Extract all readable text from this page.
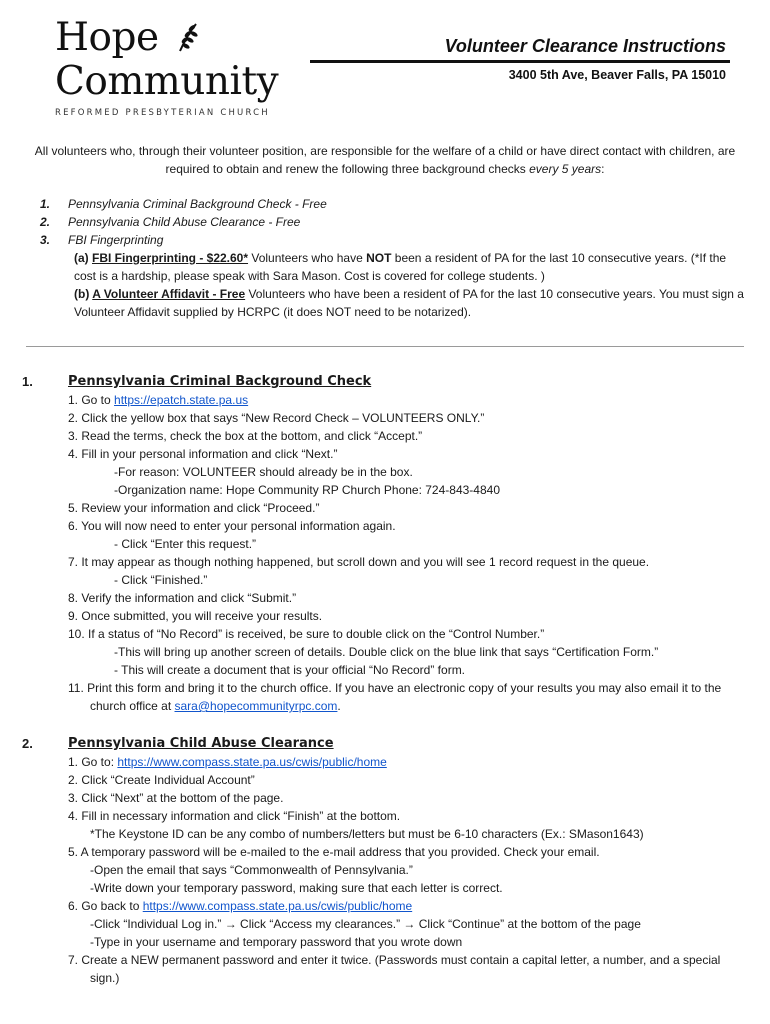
Hope
Community
REFORMED PRESBYTERIAN CHURCH
Volunteer Clearance Instructions
3400 5th Ave, Beaver Falls, PA 15010
All volunteers who, through their volunteer position, are responsible for the welfare of a child or have direct contact with children, are required to obtain and renew the following three background checks every 5 years:
1. Pennsylvania Criminal Background Check - Free
2. Pennsylvania Child Abuse Clearance - Free
3. FBI Fingerprinting
(a) FBI Fingerprinting - $22.60* Volunteers who have NOT been a resident of PA for the last 10 consecutive years. (*If the cost is a hardship, please speak with Sara Mason. Cost is covered for college students. )
(b) A Volunteer Affidavit - Free Volunteers who have been a resident of PA for the last 10 consecutive years. You must sign a Volunteer Affidavit supplied by HCRPC (it does NOT need to be notarized).
1.	Pennsylvania Criminal Background Check
1. Go to https://epatch.state.pa.us
2. Click the yellow box that says “New Record Check – VOLUNTEERS ONLY.”
3. Read the terms, check the box at the bottom, and click “Accept.”
4. Fill in your personal information and click “Next.”
-For reason: VOLUNTEER should already be in the box.
-Organization name: Hope Community RP Church Phone: 724-843-4840
5. Review your information and click “Proceed.”
6. You will now need to enter your personal information again.
- Click “Enter this request.”
7. It may appear as though nothing happened, but scroll down and you will see 1 record request in the queue.
- Click “Finished.”
8. Verify the information and click “Submit.”
9. Once submitted, you will receive your results.
10. If a status of “No Record” is received, be sure to double click on the “Control Number.”
-This will bring up another screen of details. Double click on the blue link that says “Certification Form.”
- This will create a document that is your official “No Record” form.
11. Print this form and bring it to the church office. If you have an electronic copy of your results you may also email it to the church office at sara@hopecommunityrpc.com.
2.	Pennsylvania Child Abuse Clearance
1. Go to: https://www.compass.state.pa.us/cwis/public/home
2. Click “Create Individual Account”
3. Click “Next” at the bottom of the page.
4. Fill in necessary information and click “Finish” at the bottom.
*The Keystone ID can be any combo of numbers/letters but must be 6-10 characters (Ex.: SMason1643)
5. A temporary password will be e-mailed to the e-mail address that you provided. Check your email.
-Open the email that says “Commonwealth of Pennsylvania.”
-Write down your temporary password, making sure that each letter is correct.
6. Go back to https://www.compass.state.pa.us/cwis/public/home
-Click “Individual Log in.” → Click “Access my clearances.” → Click “Continue” at the bottom of the page
-Type in your username and temporary password that you wrote down
7. Create a NEW permanent password and enter it twice. (Passwords must contain a capital letter, a number, and a special sign.)
